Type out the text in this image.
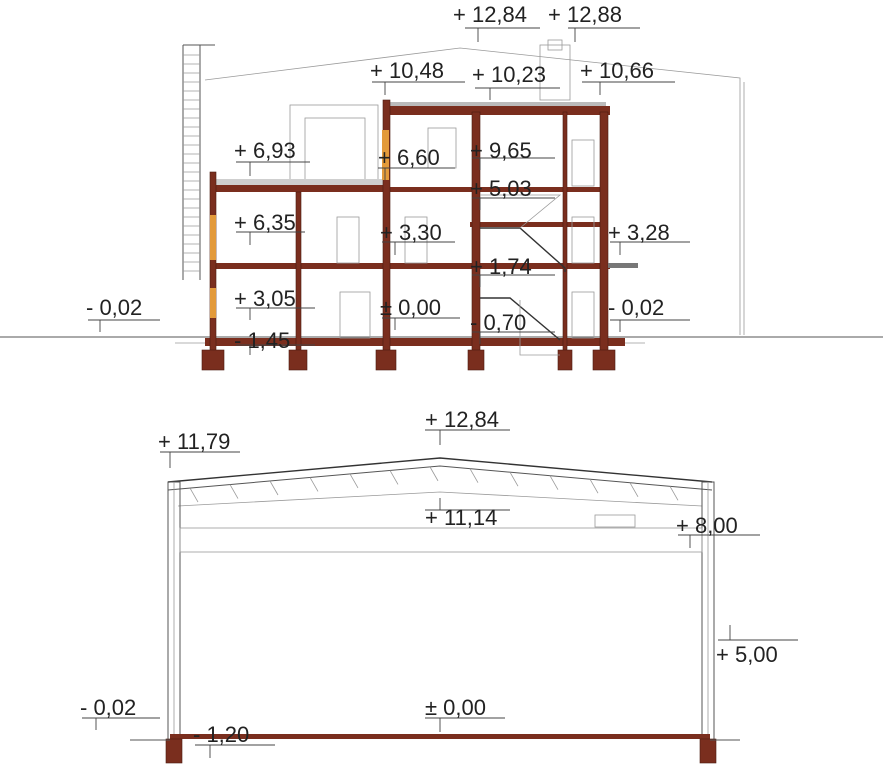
+ 12,84 + 12,88
+ 10,48 + 10,23 + 10,66
+ 6,93	+ 6,60 + 9,65
+ 5,03
+ 6,35	+ 3,30	+ 3,28
+ 1,74
+ 3,05	± 0,00
- 0,02	- 0,02
- 0,70
- 1,45
+ 12,84
+ 11,79
+ 11,14	+ 8,00
+ 5,00
- 0,02	± 0,00
- 1,20
